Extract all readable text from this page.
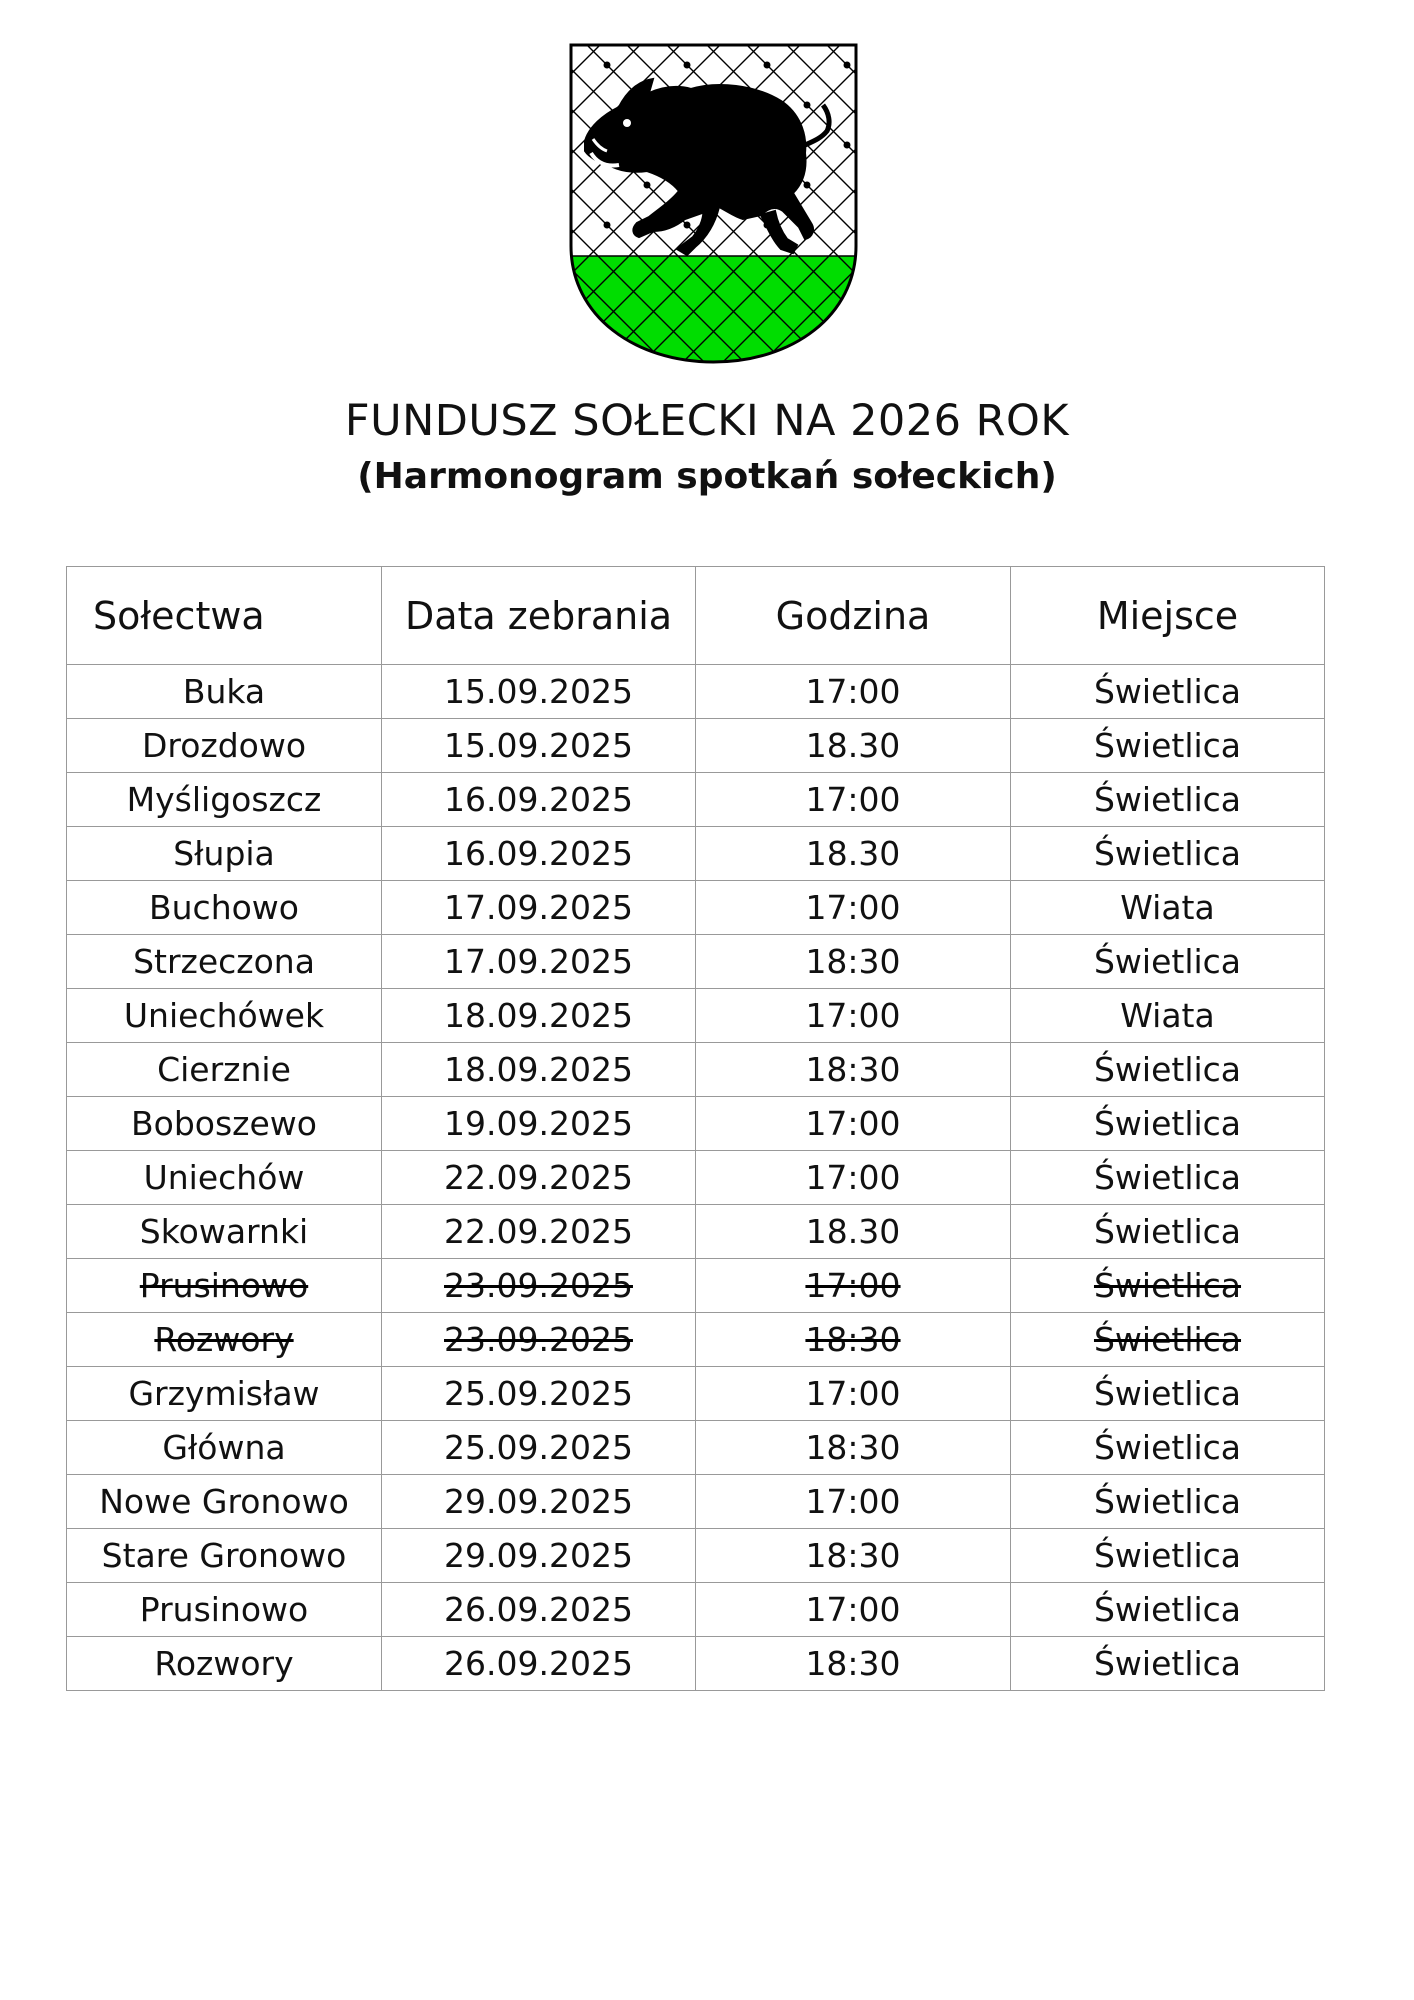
FUNDUSZ SOŁECKI NA 2026 ROK
(Harmonogram spotkań sołeckich)
Sołectwa	Data zebrania	Godzina	Miejsce
Buka	15.09.2025	17:00	Świetlica
Drozdowo	15.09.2025	18.30	Świetlica
Myśligoszcz	16.09.2025	17:00	Świetlica
Słupia	16.09.2025	18.30	Świetlica
Buchowo	17.09.2025	17:00	Wiata
Strzeczona	17.09.2025	18:30	Świetlica
Uniechówek	18.09.2025	17:00	Wiata
Cierznie	18.09.2025	18:30	Świetlica
Boboszewo	19.09.2025	17:00	Świetlica
Uniechów	22.09.2025	17:00	Świetlica
Skowarnki	22.09.2025	18.30	Świetlica
Prusinowo	23.09.2025	17:00	Świetlica
Rozwory	23.09.2025	18:30	Świetlica
Grzymisław	25.09.2025	17:00	Świetlica
Główna	25.09.2025	18:30	Świetlica
Nowe Gronowo	29.09.2025	17:00	Świetlica
Stare Gronowo	29.09.2025	18:30	Świetlica
Prusinowo	26.09.2025	17:00	Świetlica
Rozwory	26.09.2025	18:30	Świetlica
